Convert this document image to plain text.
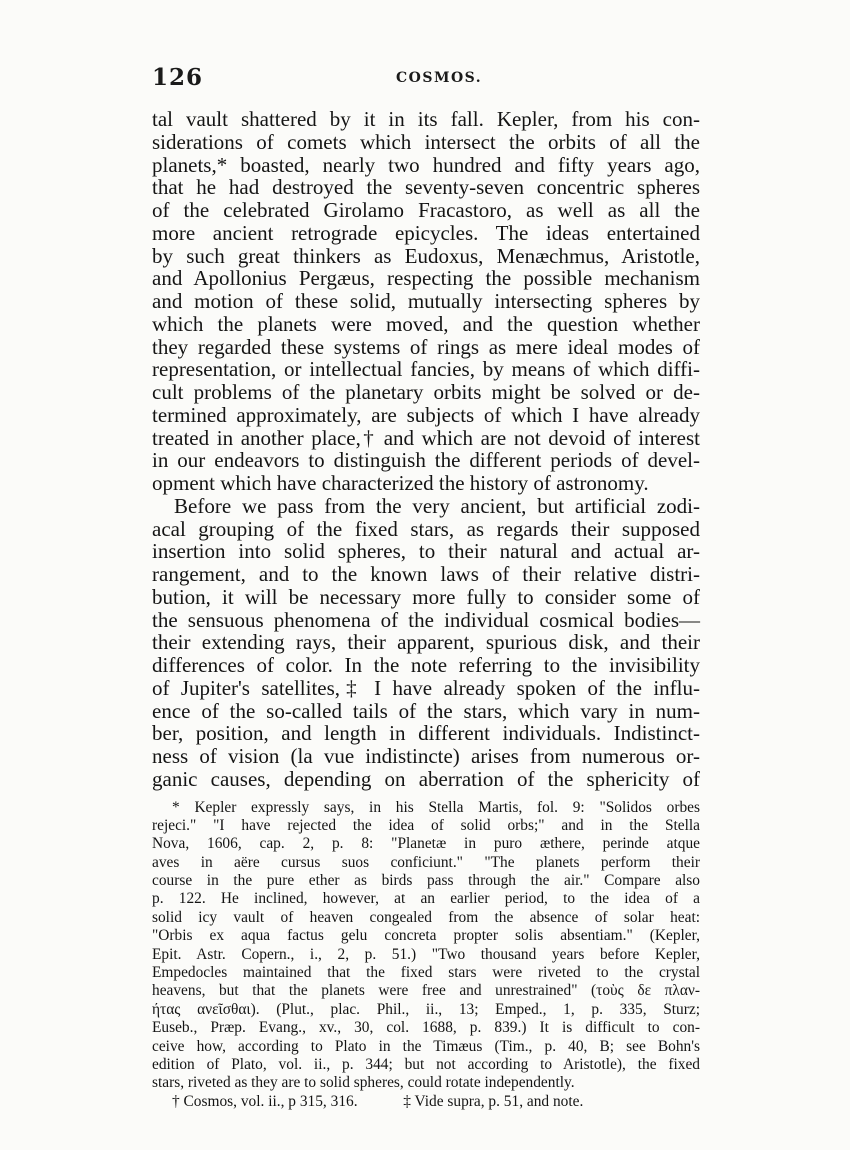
126	COSMOS.
tal vault shattered by it in its fall. Kepler, from his con-
siderations of comets which intersect the orbits of all the
planets,* boasted, nearly two hundred and fifty years ago,
that he had destroyed the seventy-seven concentric spheres
of the celebrated Girolamo Fracastoro, as well as all the
more ancient retrograde epicycles. The ideas entertained
by such great thinkers as Eudoxus, Menæchmus, Aristotle,
and Apollonius Pergæus, respecting the possible mechanism
and motion of these solid, mutually intersecting spheres by
which the planets were moved, and the question whether
they regarded these systems of rings as mere ideal modes of
representation, or intellectual fancies, by means of which diffi-
cult problems of the planetary orbits might be solved or de-
termined approximately, are subjects of which I have already
treated in another place,† and which are not devoid of interest
in our endeavors to distinguish the different periods of devel-
opment which have characterized the history of astronomy.
Before we pass from the very ancient, but artificial zodi-
acal grouping of the fixed stars, as regards their supposed
insertion into solid spheres, to their natural and actual ar-
rangement, and to the known laws of their relative distri-
bution, it will be necessary more fully to consider some of
the sensuous phenomena of the individual cosmical bodies—
their extending rays, their apparent, spurious disk, and their
differences of color. In the note referring to the invisibility
of Jupiter's satellites,‡ I have already spoken of the influ-
ence of the so-called tails of the stars, which vary in num-
ber, position, and length in different individuals. Indistinct-
ness of vision (la vue indistincte) arises from numerous or-
ganic causes, depending on aberration of the sphericity of
* Kepler expressly says, in his Stella Martis, fol. 9: "Solidos orbes
rejeci." "I have rejected the idea of solid orbs;" and in the Stella
Nova, 1606, cap. 2, p. 8: "Planetæ in puro æthere, perinde atque
aves in aëre cursus suos conficiunt." "The planets perform their
course in the pure ether as birds pass through the air." Compare also
p. 122. He inclined, however, at an earlier period, to the idea of a
solid icy vault of heaven congealed from the absence of solar heat:
"Orbis ex aqua factus gelu concreta propter solis absentiam." (Kepler,
Epit. Astr. Copern., i., 2, p. 51.) "Two thousand years before Kepler,
Empedocles maintained that the fixed stars were riveted to the crystal
heavens, but that the planets were free and unrestrained" (τοὺς δε πλαν-
ήτας ανεῖσθαι). (Plut., plac. Phil., ii., 13; Emped., 1, p. 335, Sturz;
Euseb., Præp. Evang., xv., 30, col. 1688, p. 839.) It is difficult to con-
ceive how, according to Plato in the Timæus (Tim., p. 40, B; see Bohn's
edition of Plato, vol. ii., p. 344; but not according to Aristotle), the fixed
stars, riveted as they are to solid spheres, could rotate independently.
† Cosmos, vol. ii., p 315, 316.	‡ Vide supra, p. 51, and note.
